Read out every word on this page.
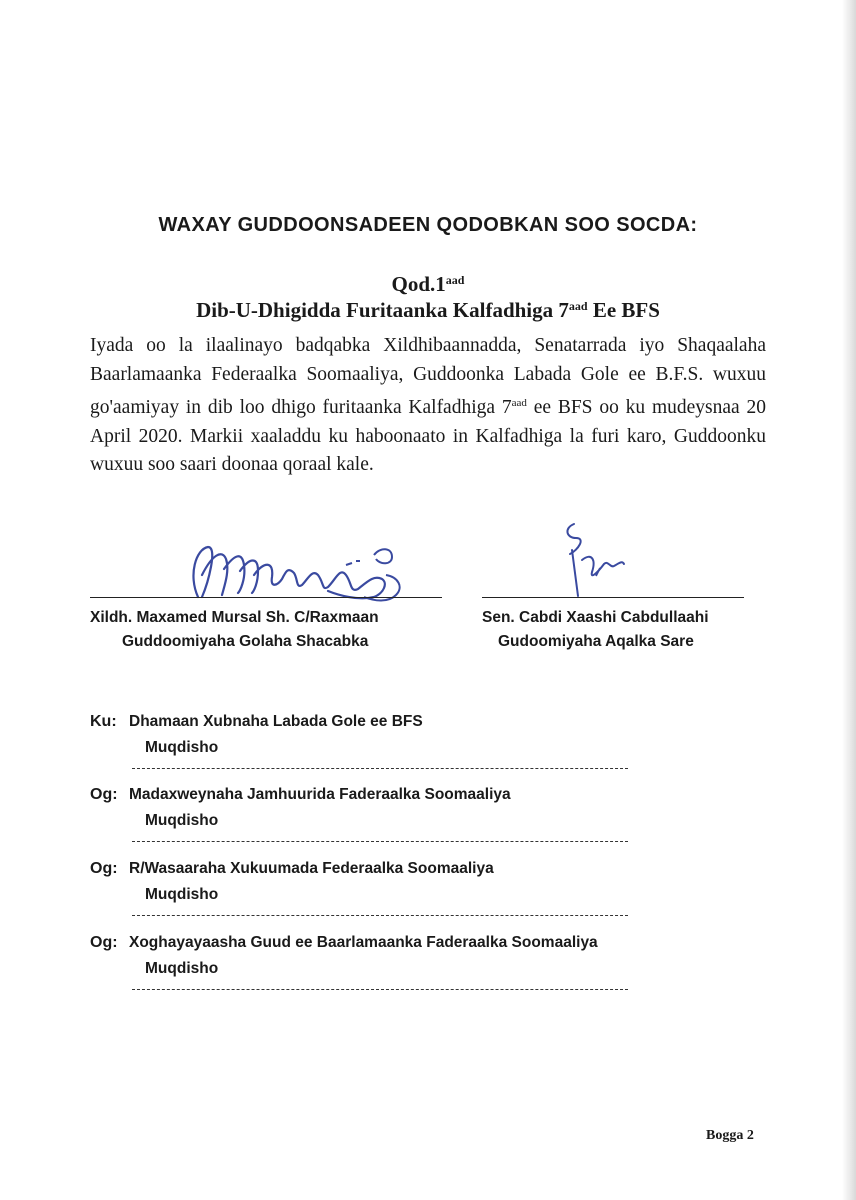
WAXAY GUDDOONSADEEN QODOBKAN SOO SOCDA:
Qod.1$^{aad}$
Dib-U-Dhigidda Furitaanka Kalfadhiga $7^{aad}$ Ee BFS
Iyada oo la ilaalinayo badqabka Xildhibaannadda, Senatarrada iyo Shaqaalaha Baarlamaanka Federaalka Soomaaliya, Guddoonka Labada Gole ee B.F.S. wuxuu go'aamiyay in dib loo dhigo furitaanka Kalfadhiga $7^{aad}$ ee BFS oo ku mudeysnaa 20 April 2020. Markii xaaladdu ku haboonaato in Kalfadhiga la furi karo, Guddoonku wuxuu soo saari doonaa qoraal kale.
Xildh. Maxamed Mursal Sh. C/Raxmaan
Guddoomiyaha Golaha Shacabka
Sen. Cabdi Xaashi Cabdullaahi
Gudoomiyaha Aqalka Sare
Ku: Dhamaan Xubnaha Labada Gole ee BFS
Muqdisho
Og: Madaxweynaha Jamhuurida Faderaalka Soomaaliya
Muqdisho
Og: R/Wasaaraha Xukuumada Federaalka Soomaaliya
Muqdisho
Og: Xoghayayaasha Guud ee Baarlamaanka Faderaalka Soomaaliya
Muqdisho
Bogga 2
